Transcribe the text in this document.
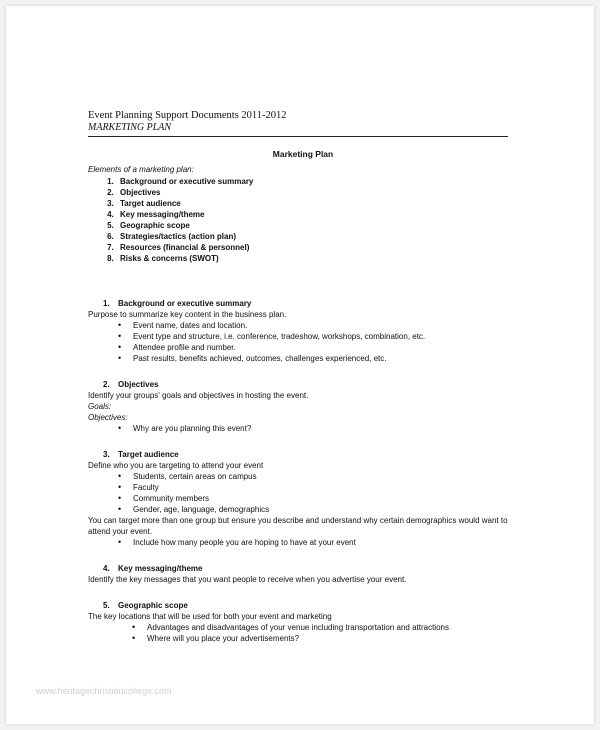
Event Planning Support Documents 2011-2012

MARKETING PLAN

Marketing Plan

Elements of a marketing plan:

1. Background or executive summary
2. Objectives
3. Target audience
4. Key messaging/theme
5. Geographic scope
6. Strategies/tactics (action plan)
7. Resources (financial & personnel)
8. Risks & concerns (SWOT)
1.	Background or executive summary

Purpose to summarize key content in the business plan.

• Event name, dates and location.
• Event type and structure, i.e. conference, tradeshow, workshops, combination, etc.
• Attendee profile and number.
• Past results, benefits achieved, outcomes, challenges experienced, etc.
2.	Objectives

Identify your groups' goals and objectives in hosting the event.

Goals:

Objectives:

• Why are you planning this event?
3.	Target audience

Define who you are targeting to attend your event

• Students, certain areas on campus
• Faculty
• Community members
• Gender, age, language, demographics

You can target more than one group but ensure you describe and understand why certain demographics would want to attend your event.

• Include how many people you are hoping to have at your event
4.	Key messaging/theme

Identify the key messages that you want people to receive when you advertise your event.

5.	Geographic scope

The key locations that will be used for both your event and marketing

• Advantages and disadvantages of your venue including transportation and attractions
• Where will you place your advertisements?
www.heritagechristiancollege.com
